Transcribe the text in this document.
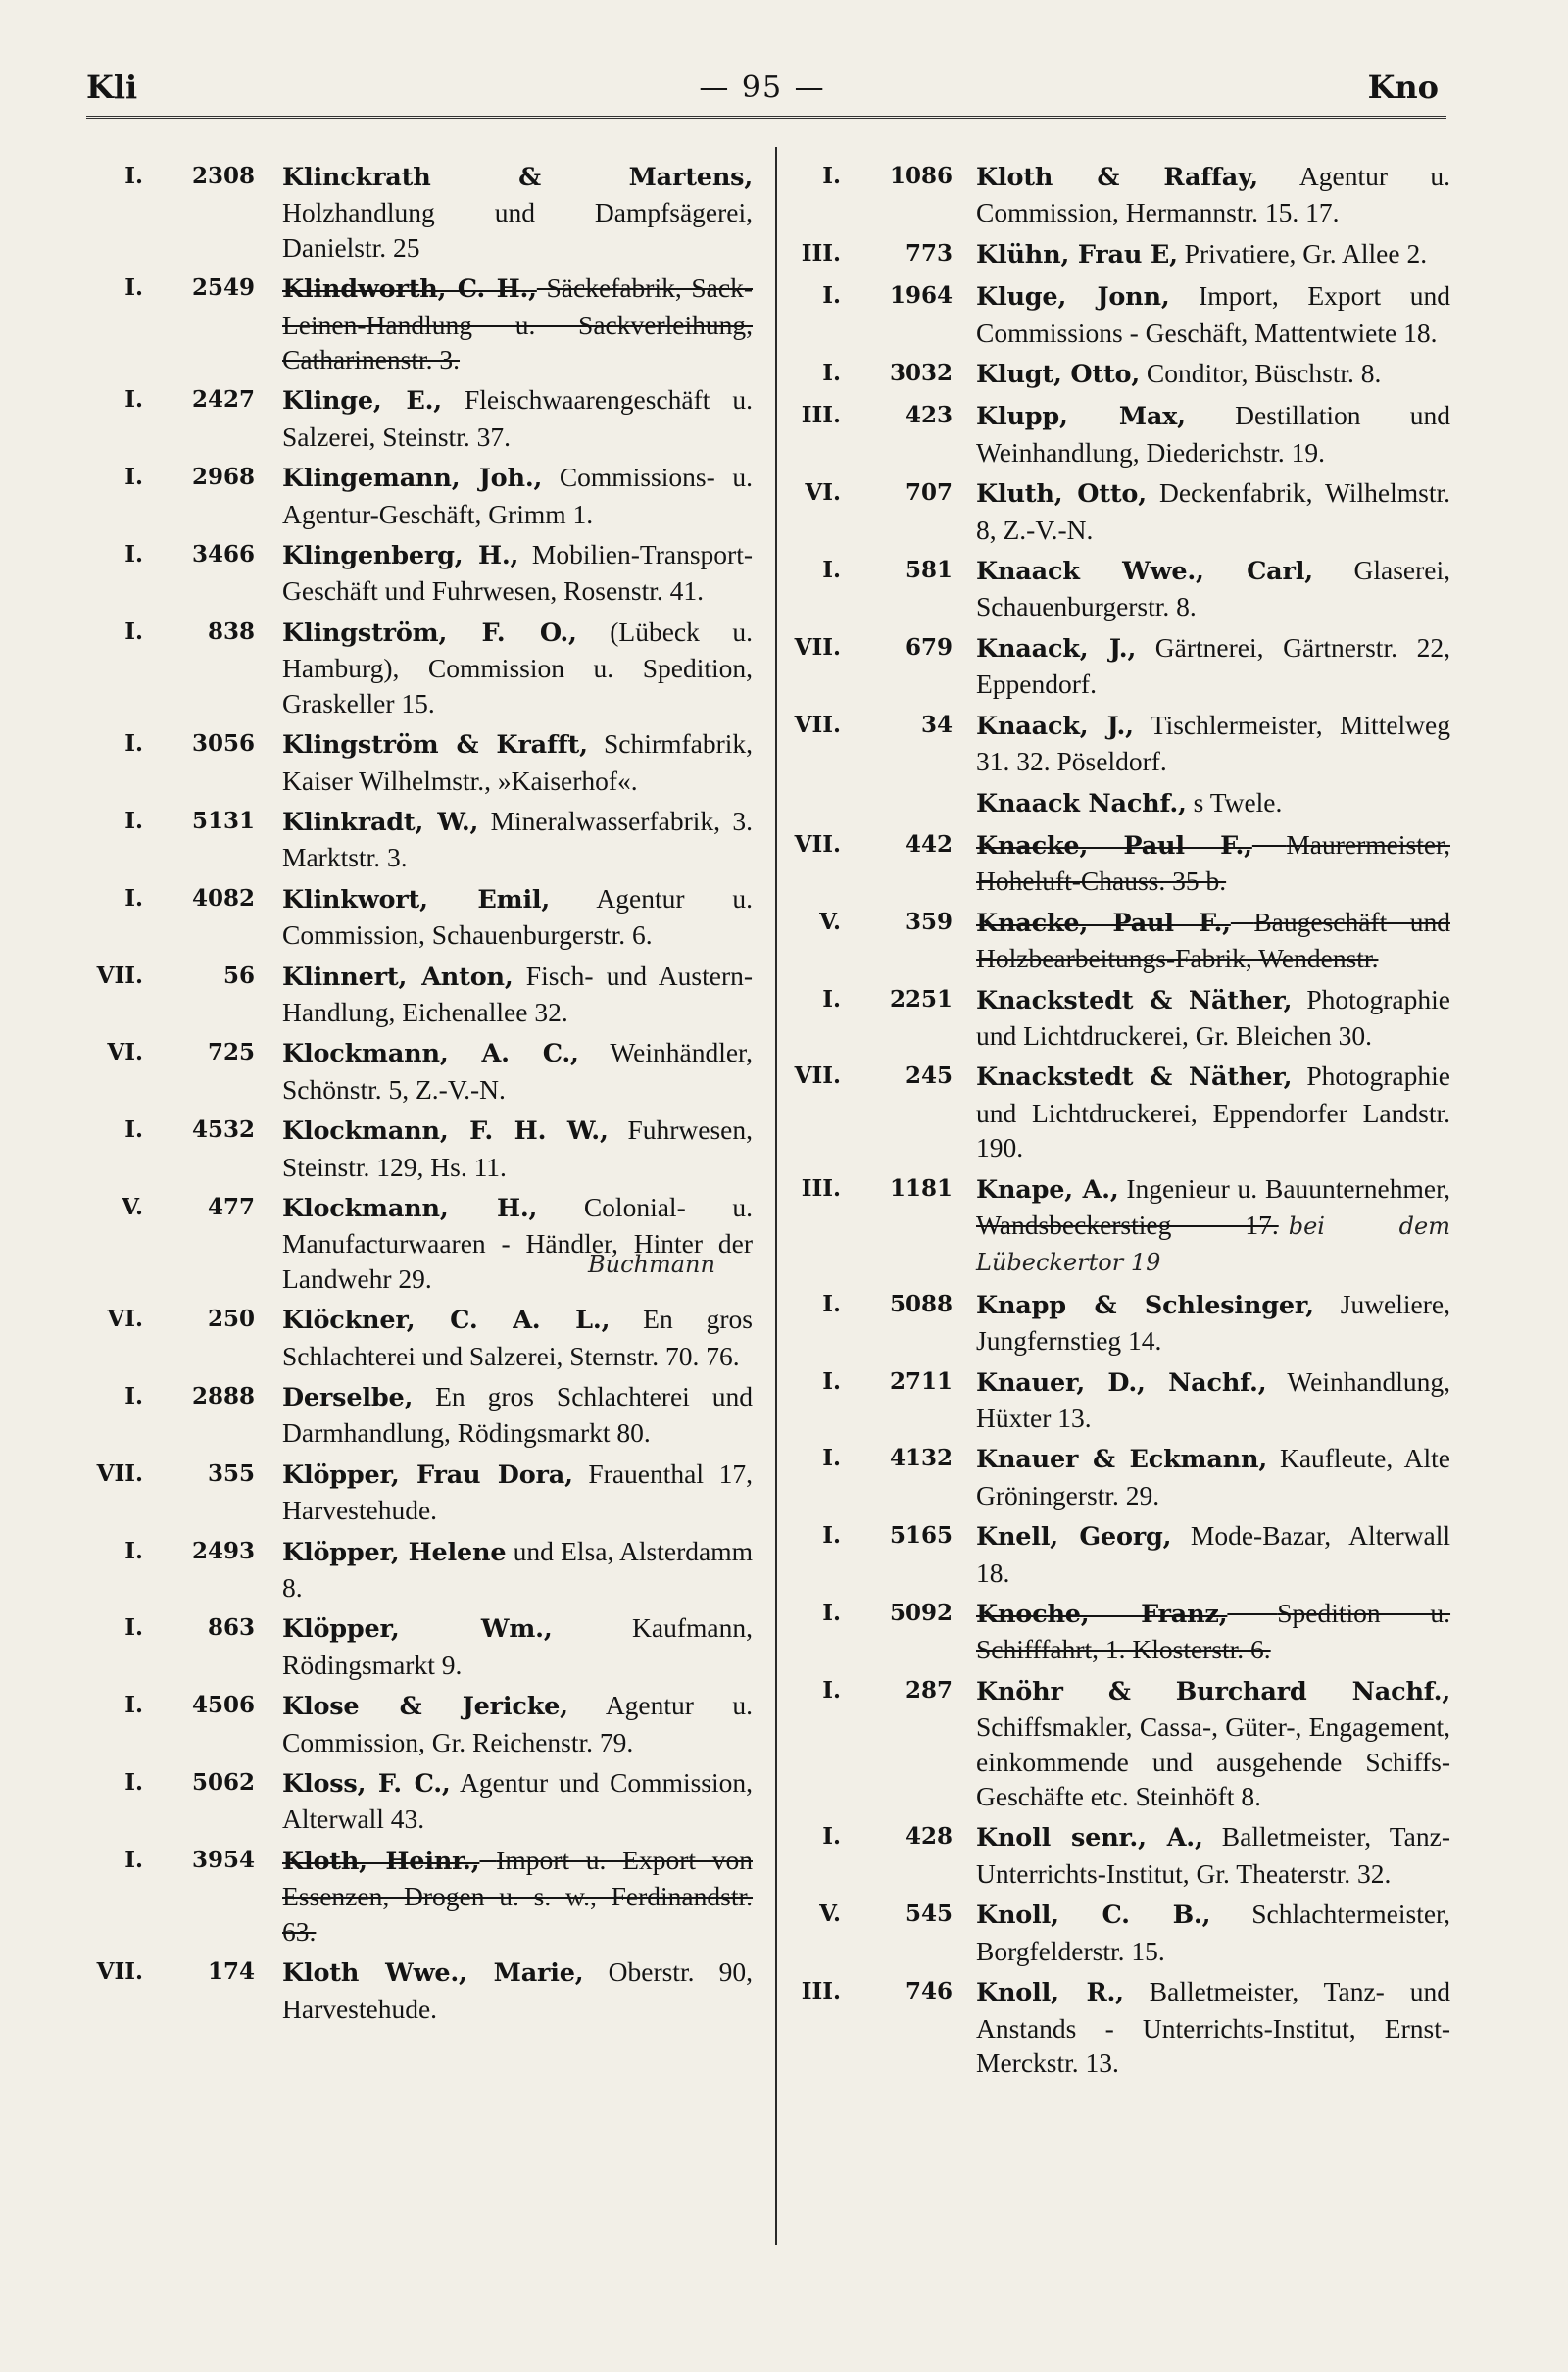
Kli	— 95 —	Kno
I. 2308 Klinckrath & Martens, Holzhandlung und Dampfsägerei, Danielstr. 25
I. 2549 Klindworth, C. H., Säckefabrik, Sack-Leinen-Handlung u. Sackverleihung, Catharinenstr. 3.
I. 2427 Klinge, E., Fleischwaarengeschäft u. Salzerei, Steinstr. 37.
I. 2968 Klingemann, Joh., Commissions- u. Agentur-Geschäft, Grimm 1.
I. 3466 Klingenberg, H., Mobilien-Transport-Geschäft und Fuhrwesen, Rosenstr. 41.
I.	838 Klingström, F. O., (Lübeck u. Hamburg), Commission u. Spedition, Graskeller 15.
I. 3056 Klingström & Krafft, Schirmfabrik, Kaiser Wilhelmstr., »Kaiserhof«.
I. 5131 Klinkradt, W., Mineralwasserfabrik, 3. Marktstr. 3.
I. 4082 Klinkwort, Emil, Agentur u. Commission, Schauenburgerstr. 6.
VII.	56 Klinnert, Anton, Fisch- und Austern-Handlung, Eichenallee 32.
VI.	725 Klockmann, A. C., Weinhändler, Schönstr. 5, Z.-V.-N.
I. 4532 Klockmann, F. H. W., Fuhrwesen, Steinstr. 129, Hs. 11.
V.	477 Klockmann, H., Colonial- u. Manufacturwaaren - Händler, Hinter der Landwehr 29.
VI.	250 Klöckner, C. A. L., En gros Schlachterei und Salzerei, Sternstr. 70. 76.
I. 2888 Derselbe, En gros Schlachterei und Darmhandlung, Rödingsmarkt 80.
VII.	355 Klöpper, Frau Dora, Frauenthal 17, Harvestehude.
I. 2493 Klöpper, Helene und Elsa, Alsterdamm 8.
I.	863 Klöpper, Wm.,	Kaufmann, Rödingsmarkt 9.
I. 4506 Klose & Jericke, Agentur u. Commission, Gr. Reichenstr. 79.
I. 5062 Kloss, F. C., Agentur und Commission, Alterwall 43.
I. 3954 Kloth, Heinr., Import u. Export von Essenzen, Drogen u. s. w., Ferdinandstr. 63.
VII.	174 Kloth Wwe., Marie, Oberstr. 90, Harvestehude.
I. 1086 Kloth & Raffay, Agentur u. Commission, Hermannstr. 15. 17.
III.	773 Klühn, Frau E, Privatiere, Gr. Allee 2.
I. 1964 Kluge, Jonn, Import, Export und Commissions - Geschäft, Mattentwiete 18.
I. 3032 Klugt, Otto, Conditor, Büschstr. 8.
III.	423 Klupp, Max, Destillation und Weinhandlung, Diederichstr. 19.
VI.	707 Kluth, Otto, Deckenfabrik, Wilhelmstr. 8, Z.-V.-N.
I.	581 Knaack Wwe., Carl, Glaserei, Schauenburgerstr. 8.
VII.	679 Knaack, J., Gärtnerei, Gärtnerstr. 22, Eppendorf.
VII.	34 Knaack, J., Tischlermeister, Mittelweg 31. 32. Pöseldorf.
Knaack Nachf., s Twele.
VII.	442 Knacke, Paul F., Maurermeister, Hoheluft-Chauss. 35 b.
V.	359 Knacke, Paul F., Baugeschäft und Holzbearbeitungs-Fabrik, Wendenstr.
I. 2251 Knackstedt & Näther, Photographie und Lichtdruckerei, Gr. Bleichen 30.
VII.	245 Knackstedt & Näther, Photographie und Lichtdruckerei, Eppendorfer Landstr. 190.
III. 1181 Knape, A., Ingenieur u. Bauunternehmer, Wandsbeckerstieg 17. bei dem Lübeckertor 19
Buchmann
I. 5088 Knapp & Schlesinger, Juweliere, Jungfernstieg 14.
I. 2711 Knauer, D., Nachf., Weinhandlung, Hüxter 13.
I. 4132 Knauer & Eckmann, Kaufleute, Alte Gröningerstr. 29.
I. 5165 Knell, Georg, Mode-Bazar, Alterwall 18.
I. 5092 Knoche, Franz, Spedition u. Schifffahrt, 1. Klosterstr. 6.
I.	287 Knöhr & Burchard Nachf., Schiffsmakler, Cassa-, Güter-, Engagement, einkommende und ausgehende Schiffs-Geschäfte etc. Steinhöft 8.
I.	428 Knoll senr., A., Balletmeister, Tanz-Unterrichts-Institut, Gr. Theaterstr. 32.
V.	545 Knoll, C. B., Schlachtermeister, Borgfelderstr. 15.
III.	746 Knoll, R., Balletmeister, Tanz- und Anstands - Unterrichts-Institut, Ernst-Merckstr. 13.
